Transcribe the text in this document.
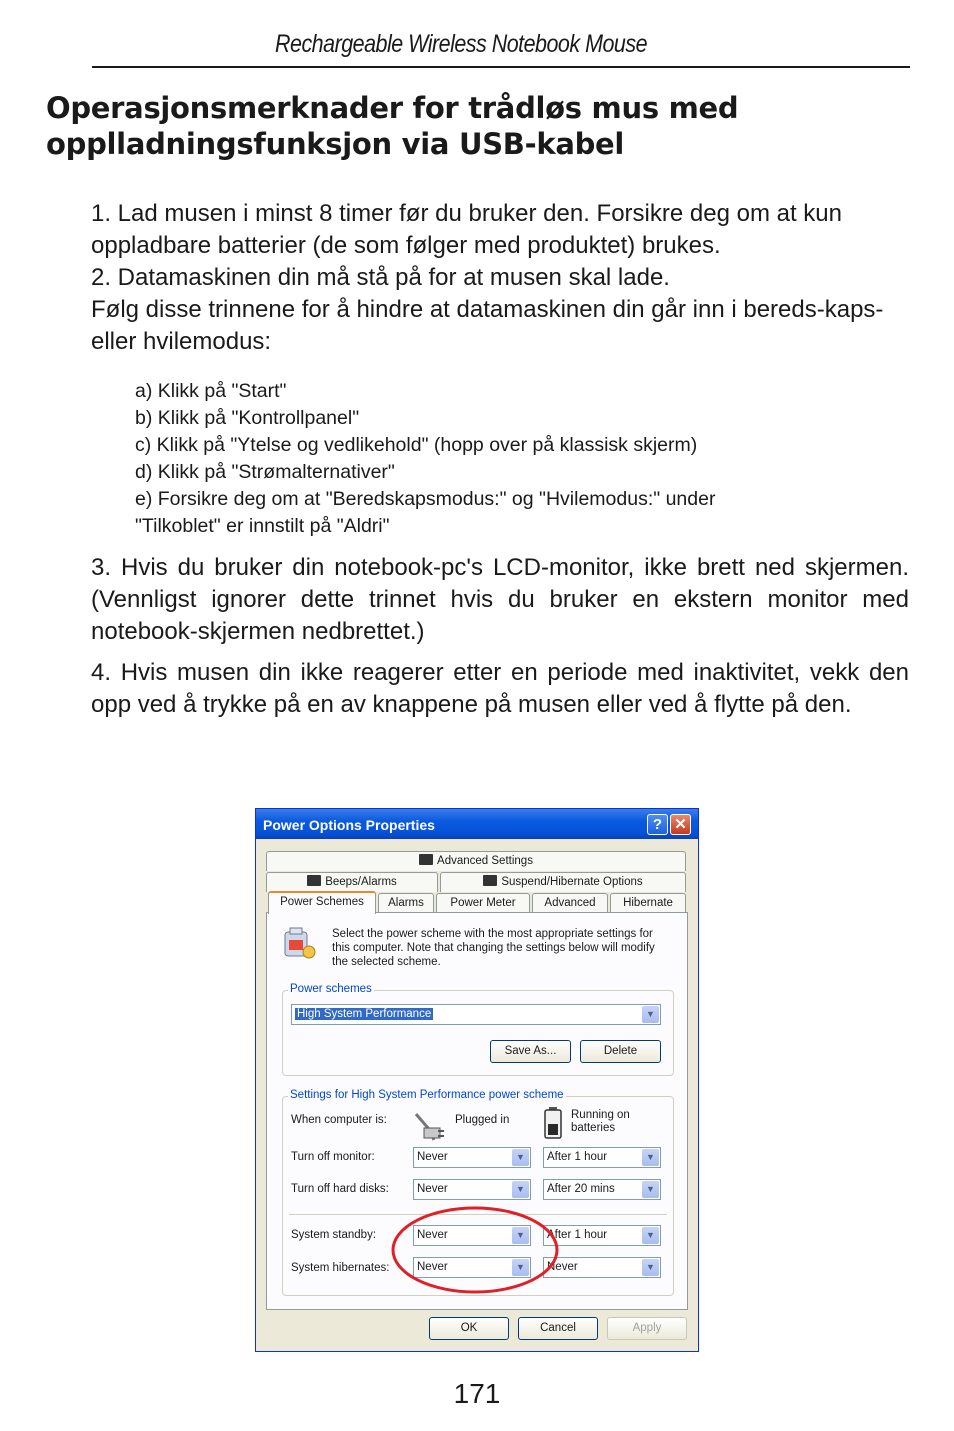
Rechargeable Wireless Notebook Mouse
Operasjonsmerknader for trådløs mus med opplladningsfunksjon via USB-kabel

1. Lad musen i minst 8 timer før du bruker den. Forsikre deg om at kun oppladbare batterier (de som følger med produktet) brukes.

2. Datamaskinen din må stå på for at musen skal lade.

Følg disse trinnene for å hindre at datamaskinen din går inn i bereds-kaps- eller hvilemodus:

a) Klikk på "Start"
b) Klikk på "Kontrollpanel"
c) Klikk på "Ytelse og vedlikehold" (hopp over på klassisk skjerm)
d) Klikk på "Strømalternativer"
e) Forsikre deg om at "Beredskapsmodus:" og "Hvilemodus:" under
"Tilkoblet" er innstilt på "Aldri"

3. Hvis du bruker din notebook-pc's LCD-monitor, ikke brett ned skjermen. (Vennligst ignorer dette trinnet hvis du bruker en ekstern monitor med notebook-skjermen nedbrettet.)

4. Hvis musen din ikke reagerer etter en periode med inaktivitet, vekk den opp ved å trykke på en av knappene på musen eller ved å flytte på den.

Power Options Properties	? ✕
Advanced Settings
Beeps/Alarms	Suspend/Hibernate Options
Power Schemes	Alarms	Power Meter	Advanced	Hibernate
Select the power scheme with the most appropriate settings for this computer. Note that changing the settings below will modify the selected scheme.
Power schemes
High System Performance	▼
Save As...	Delete
Settings for High System Performance power scheme
When computer is:	Plugged in	Running on batteries
Turn off monitor:	Never	▼	After 1 hour	▼
Turn off hard disks:	Never	▼	After 20 mins	▼
System standby:	Never	▼	After 1 hour	▼
System hibernates:	Never	▼	Never	▼
OK	Cancel	Apply
171
